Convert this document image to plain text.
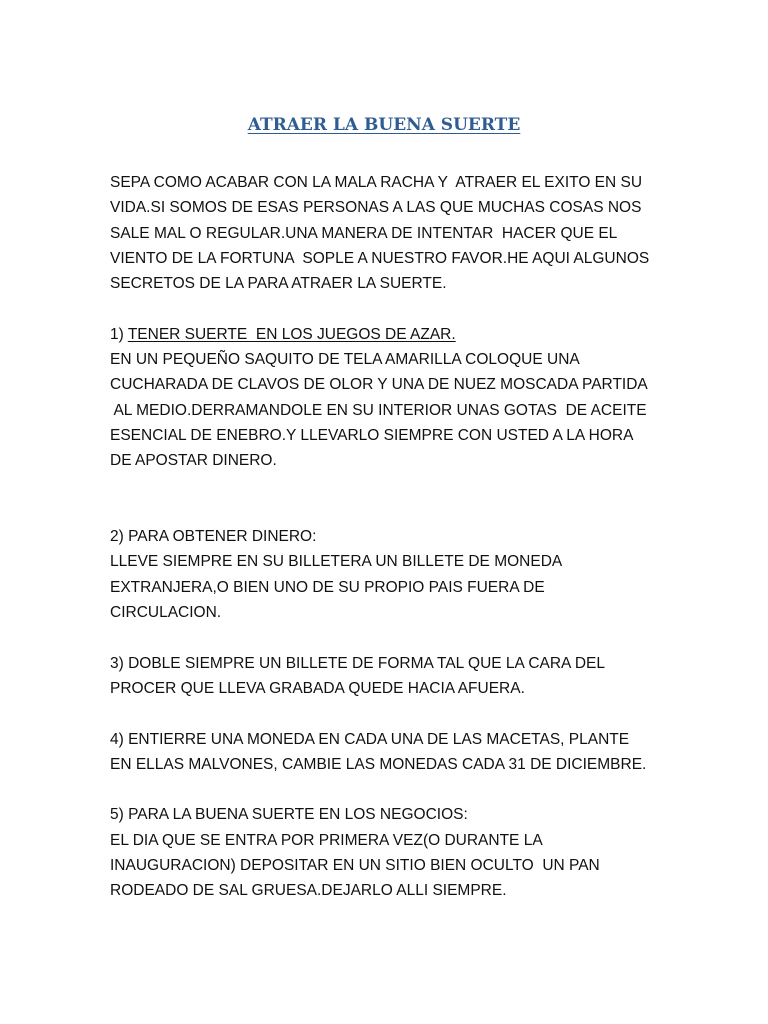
ATRAER LA BUENA SUERTE
SEPA COMO ACABAR CON LA MALA RACHA Y  ATRAER EL EXITO EN SU
VIDA.SI SOMOS DE ESAS PERSONAS A LAS QUE MUCHAS COSAS NOS
SALE MAL O REGULAR.UNA MANERA DE INTENTAR  HACER QUE EL
VIENTO DE LA FORTUNA  SOPLE A NUESTRO FAVOR.HE AQUI ALGUNOS
SECRETOS DE LA PARA ATRAER LA SUERTE.
1) TENER SUERTE  EN LOS JUEGOS DE AZAR.
EN UN PEQUEÑO SAQUITO DE TELA AMARILLA COLOQUE UNA
CUCHARADA DE CLAVOS DE OLOR Y UNA DE NUEZ MOSCADA PARTIDA
AL MEDIO.DERRAMANDOLE EN SU INTERIOR UNAS GOTAS  DE ACEITE
ESENCIAL DE ENEBRO.Y LLEVARLO SIEMPRE CON USTED A LA HORA
DE APOSTAR DINERO.
2) PARA OBTENER DINERO:
LLEVE SIEMPRE EN SU BILLETERA UN BILLETE DE MONEDA
EXTRANJERA,O BIEN UNO DE SU PROPIO PAIS FUERA DE
CIRCULACION.
3) DOBLE SIEMPRE UN BILLETE DE FORMA TAL QUE LA CARA DEL
PROCER QUE LLEVA GRABADA QUEDE HACIA AFUERA.
4) ENTIERRE UNA MONEDA EN CADA UNA DE LAS MACETAS, PLANTE
EN ELLAS MALVONES, CAMBIE LAS MONEDAS CADA 31 DE DICIEMBRE.
5) PARA LA BUENA SUERTE EN LOS NEGOCIOS:
EL DIA QUE SE ENTRA POR PRIMERA VEZ(O DURANTE LA
INAUGURACION) DEPOSITAR EN UN SITIO BIEN OCULTO  UN PAN
RODEADO DE SAL GRUESA.DEJARLO ALLI SIEMPRE.
